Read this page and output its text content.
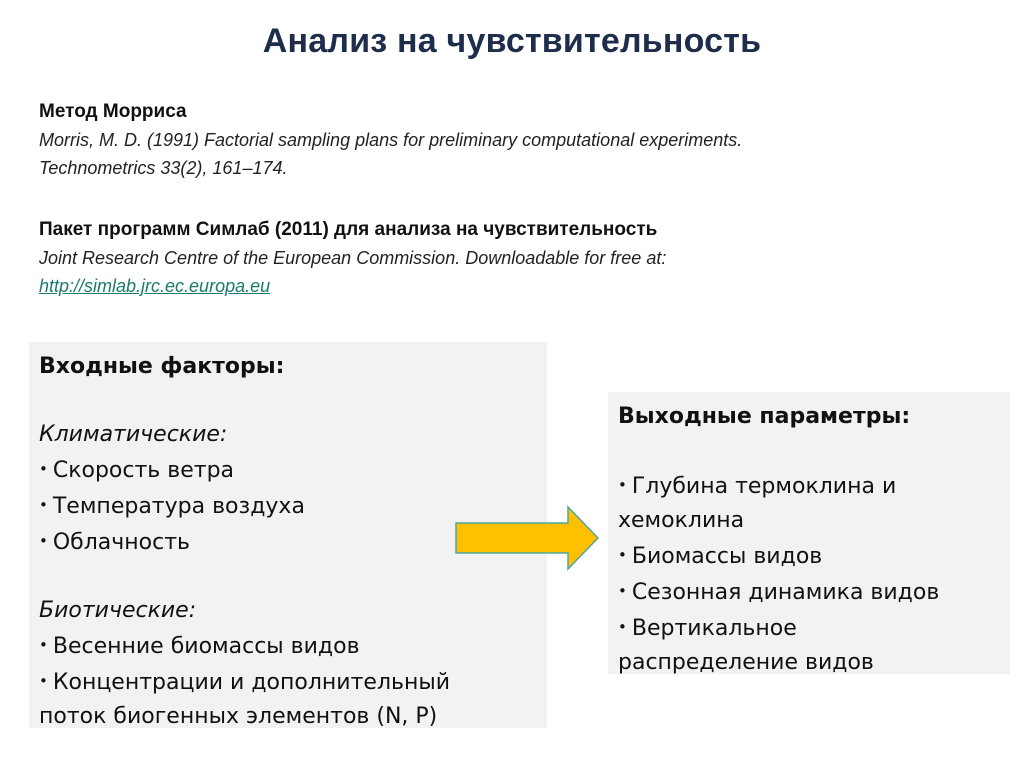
Анализ на чувствительность
Метод Морриса
Morris, M. D. (1991) Factorial sampling plans for preliminary computational experiments.
Technometrics 33(2), 161–174.
Пакет программ Симлаб (2011) для анализа на чувствительность
Joint Research Centre of the European Commission. Downloadable for free at:
http://simlab.jrc.ec.europa.eu
Входные факторы:
Климатические:
• Скорость ветра
• Температура воздуха
• Облачность
Биотические:
• Весенние биомассы видов
• Концентрации и дополнительный
поток биогенных элементов (N, P)
Выходные параметры:
• Глубина термоклина и
хемоклина
• Биомассы видов
• Сезонная динамика видов
• Вертикальное
распределение видов
